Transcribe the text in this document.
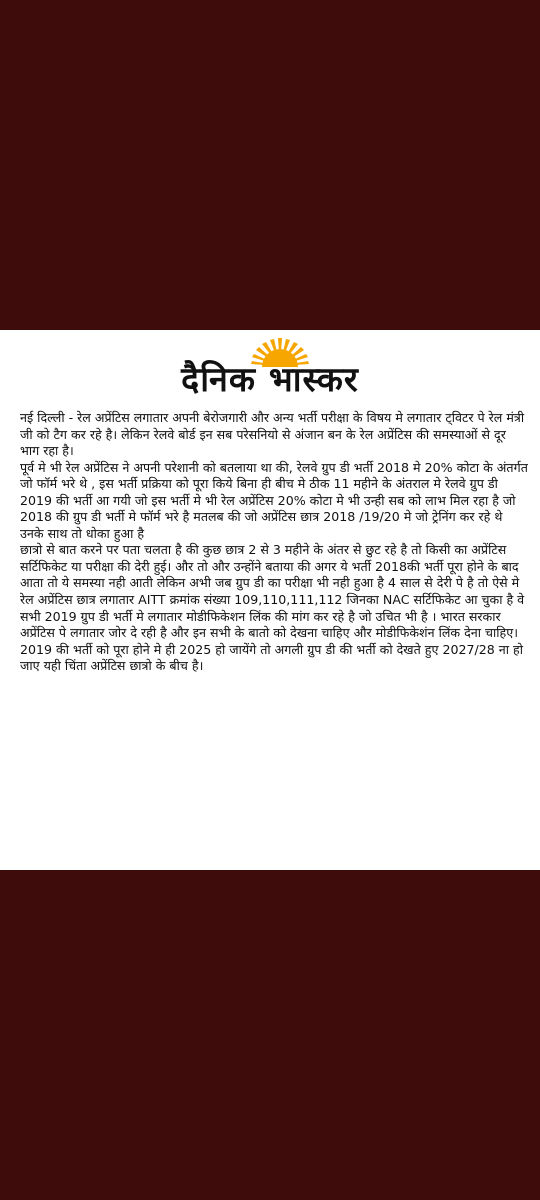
दैनिक भास्कर

नई दिल्ली - रेल अप्रेंटिस लगातार अपनी बेरोजगारी और अन्य भर्ती परीक्षा के विषय मे लगातार ट्विटर पे रेल मंत्री जी को टैग कर रहे है। लेकिन रेलवे बोर्ड इन सब परेसनियो से अंजान बन के रेल अप्रेंटिस की समस्याओं से दूर भाग रहा है।

पूर्व मे भी रेल अप्रेंटिस ने अपनी परेशानी को बतलाया था की, रेलवे ग्रुप डी भर्ती 2018 मे 20% कोटा के अंतर्गत जो फॉर्म भरे थे , इस भर्ती प्रक्रिया को पूरा किये बिना ही बीच मे ठीक 11 महीने के अंतराल मे रेलवे ग्रुप डी 2019 की भर्ती आ गयी जो इस भर्ती मे भी रेल अप्रेंटिस 20% कोटा मे भी उन्ही सब को लाभ मिल रहा है जो 2018 की ग्रुप डी भर्ती मे फॉर्म भरे है मतलब की जो अप्रेंटिस छात्र 2018 /19/20 मे जो ट्रेनिंग कर रहे थे उनके साथ तो धोका हुआ है

छात्रो से बात करने पर पता चलता है की कुछ छात्र 2 से 3 महीने के अंतर से छुट रहे है तो किसी का अप्रेंटिस सर्टिफिकेट या परीक्षा की देरी हुई। और तो और उन्होंने बताया की अगर ये भर्ती 2018की भर्ती पूरा होने के बाद आता तो ये समस्या नही आती लेकिन अभी जब ग्रुप डी का परीक्षा भी नही हुआ है 4 साल से देरी पे है तो ऐसे मे रेल अप्रेंटिस छात्र लगातार AITT क्रमांक संख्या 109,110,111,112 जिनका NAC सर्टिफिकेट आ चुका है वे सभी 2019 ग्रुप डी भर्ती मे लगातार मोडीफिकेशन लिंक की मांग कर रहे है जो उचित भी है । भारत सरकार अप्रेंटिस पे लगातार जोर दे रही है और इन सभी के बातो को देखना चाहिए और मोडीफिकेशंन लिंक देना चाहिए।

2019 की भर्ती को पूरा होने मे ही 2025 हो जायेंगे तो अगली ग्रुप डी की भर्ती को देखते हुए 2027/28 ना हो जाए यही चिंता अप्रेंटिस छात्रो के बीच है।
